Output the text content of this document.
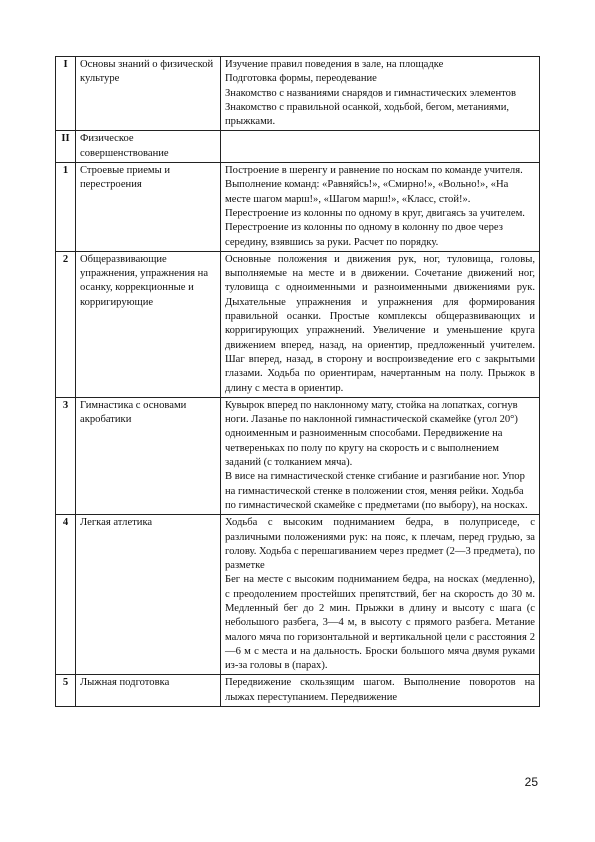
I	Основы знаний о физической культуре	Изучение правил поведения в зале, на площадке

Подготовка формы, переодевание

Знакомство с названиями снарядов и гимнастических элементов

Знакомство с правильной осанкой, ходьбой, бегом, метаниями, прыжками.

II	Физическое совершенствование	
1	Строевые приемы и перестроения	Построение в шеренгу и равнение по носкам по команде учителя. Выполнение команд: «Равняйсь!», «Смирно!», «Вольно!», «На месте шагом марш!», «Шагом марш!», «Класс, стой!». Перестроение из колонны по одному в круг, двигаясь за учителем. Перестроение из колонны по одному в колонну по двое через середину, взявшись за руки. Расчет по порядку.

2	Общеразвивающие упражнения, упражнения на осанку, коррекционные и корригирующие	Основные положения и движения рук, ног, туловища, головы, выполняемые на месте и в движении. Сочетание движений ног, туловища с одноименными и разноименными движениями рук. Дыхательные упражнения и упражнения для формирования правильной осанки. Простые комплексы общеразвивающих и корригирующих упражнений. Увеличение и уменьшение круга движением вперед, назад, на ориентир, предложенный учителем. Шаг вперед, назад, в сторону и воспроизведение его с закрытыми глазами. Ходьба по ориентирам, начертанным на полу. Прыжок в длину с места в ориентир.

3	Гимнастика с основами акробатики	Кувырок вперед по наклонному мату, стойка на лопатках, согнув ноги. Лазанье по наклонной гимнастической скамейке (угол 20°) одноименным и разноименным способами. Передвижение на четвереньках по полу по кругу на скорость и с выполнением заданий (с толканием мяча).

В висе на гимнастической стенке сгибание и разгибание ног. Упор на гимнастической стенке в положении стоя, меняя рейки. Ходьба по гимнастической скамейке с предметами (по выбору), на носках.

4	Легкая атлетика	Ходьба с высоким подниманием бедра, в полуприседе, с различными положениями рук: на пояс, к плечам, перед грудью, за голову. Ходьба с перешагиванием через предмет (2—3 предмета), по разметке

Бег на месте с высоким подниманием бедра, на носках (медленно), с преодолением простейших препятствий, бег на скорость до 30 м. Медленный бег до 2 мин. Прыжки в длину и высоту с шага (с небольшого разбега, 3—4 м, в высоту с прямого разбега. Метание малого мяча по горизонтальной и вертикальной цели с расстояния 2—6 м с места и на дальность. Броски большого мяча двумя руками из-за головы в (парах).

5	Лыжная подготовка	Передвижение скользящим шагом. Выполнение поворотов на лыжах переступанием. Передвижение

25
